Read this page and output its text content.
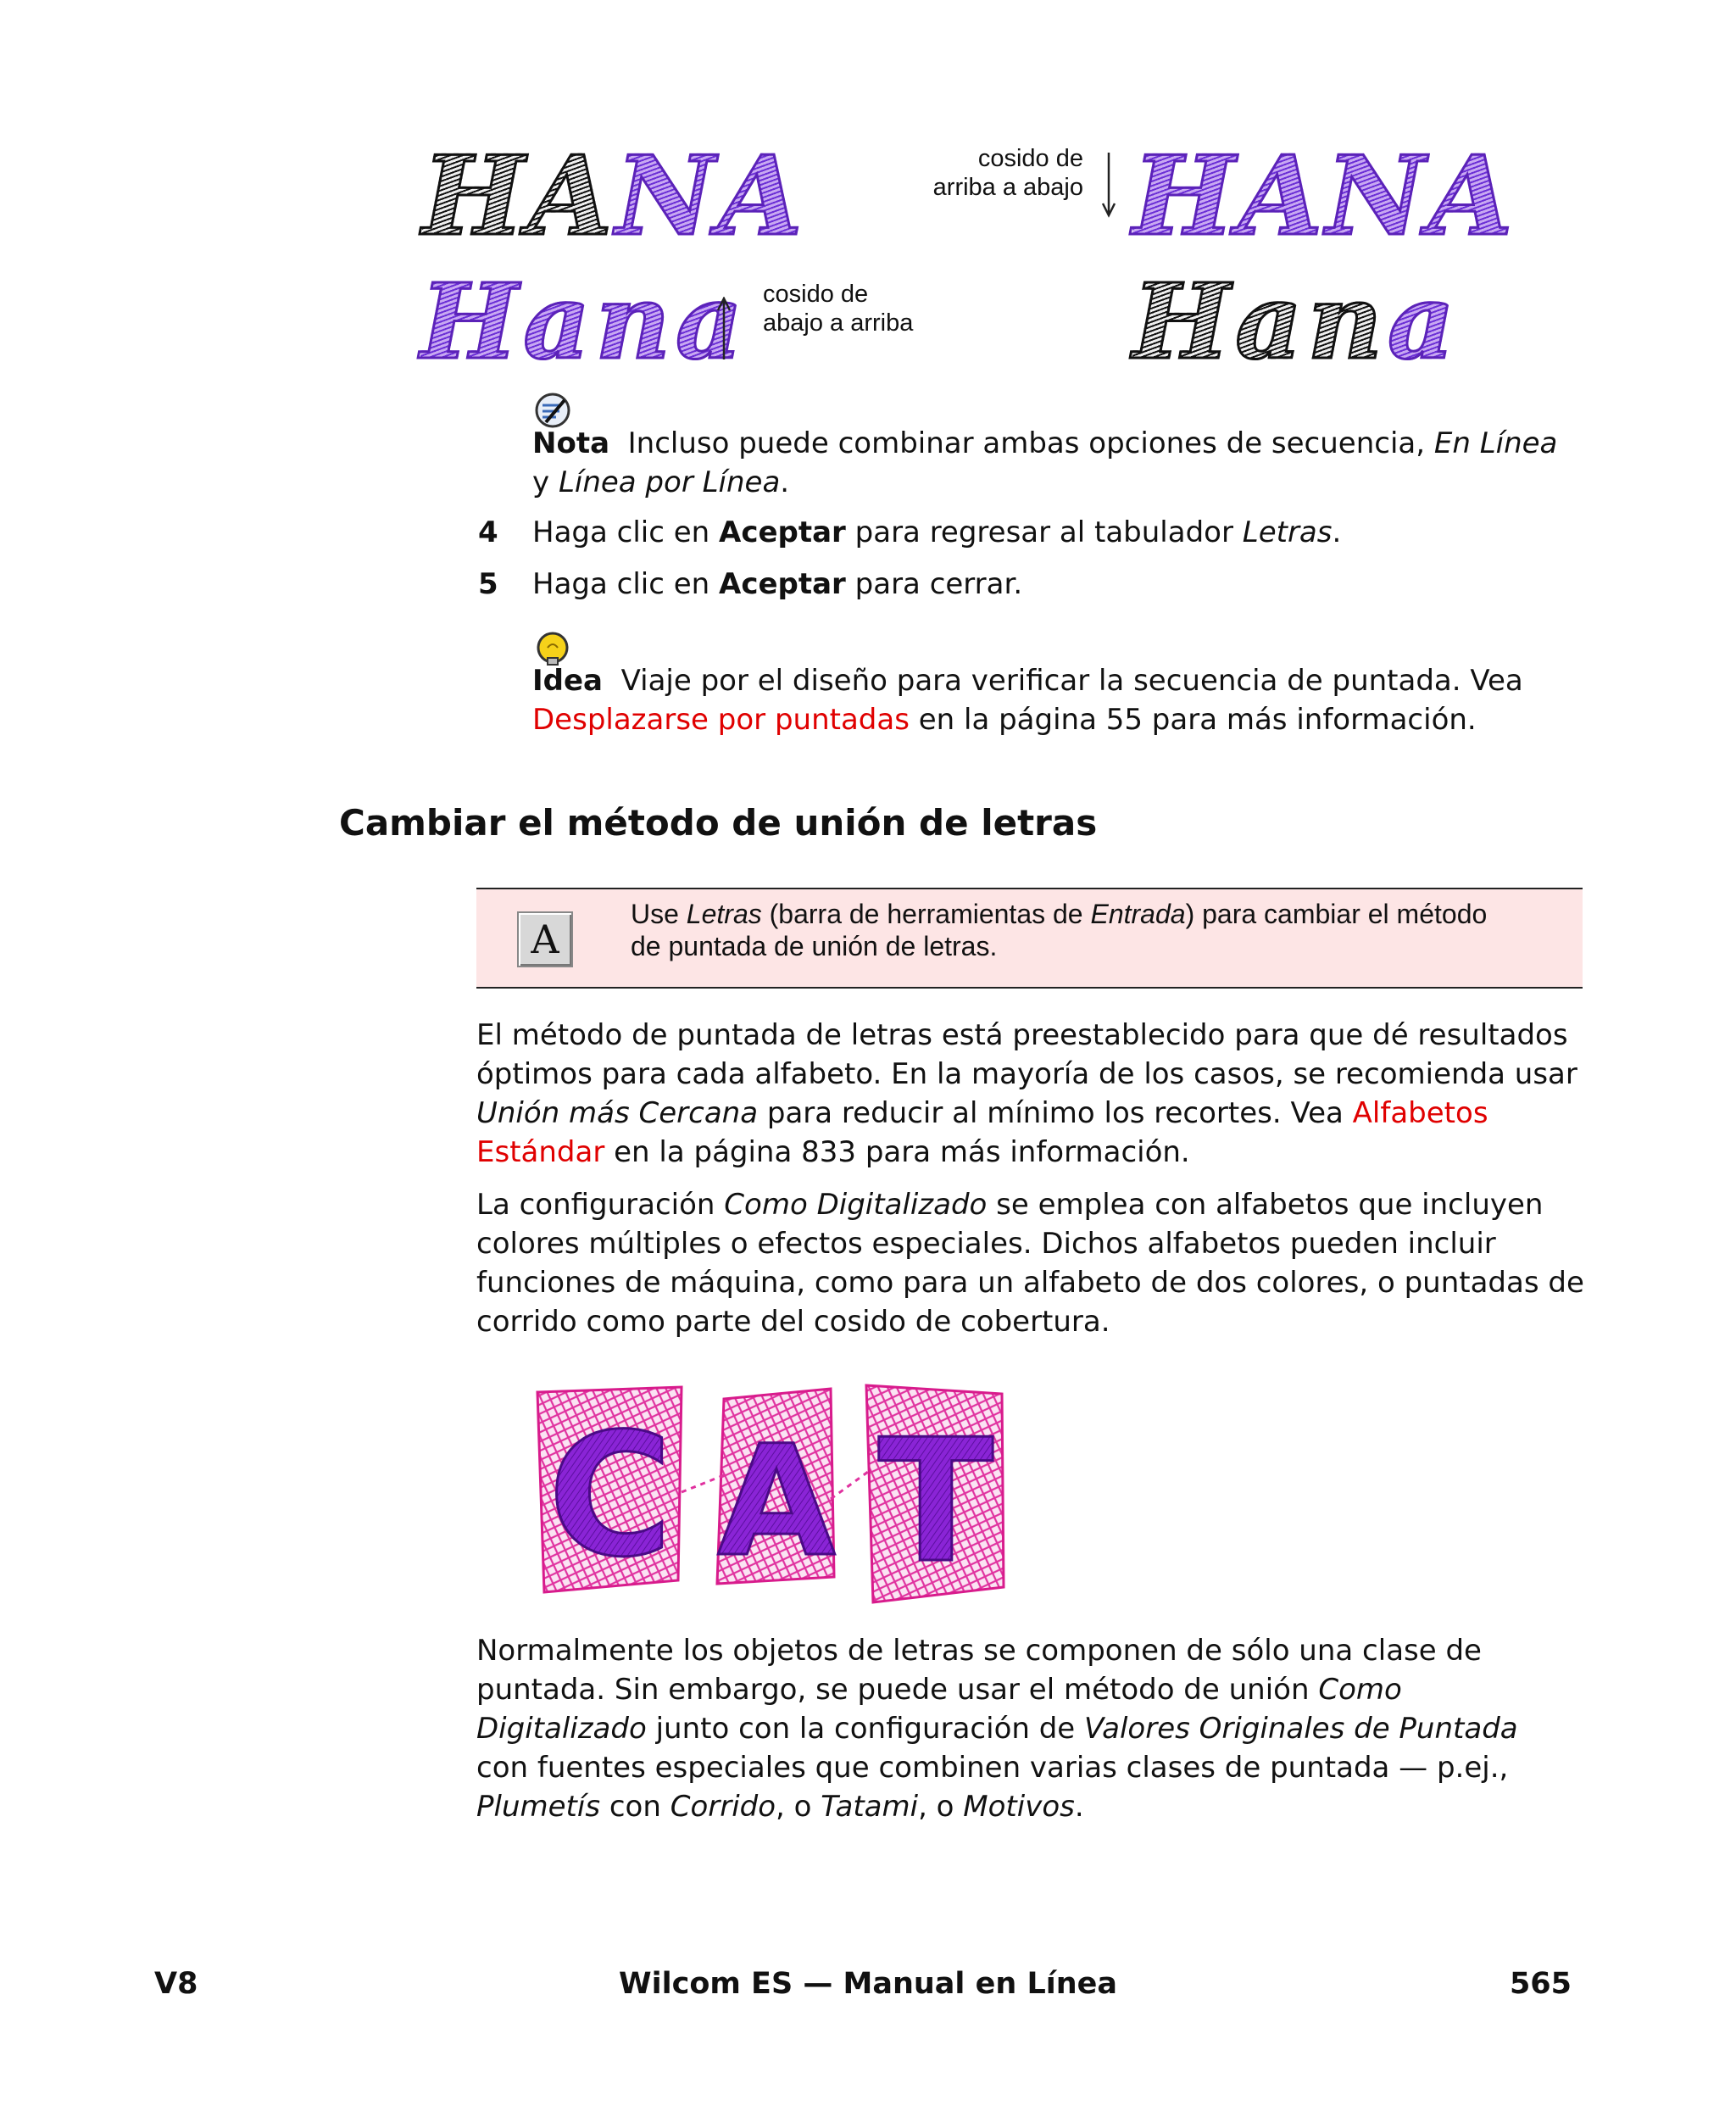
HANA	cosido de
arriba a abajo HANA
Hana cosido de
abajo a arriba Hana
Nota Incluso puede combinar ambas opciones de secuencia, En Línea
y Línea por Línea.
4 Haga clic en Aceptar para regresar al tabulador Letras.
5 Haga clic en Aceptar para cerrar.
Idea Viaje por el diseño para verificar la secuencia de puntada. Vea
Desplazarse por puntadas en la página 55 para más información.
Cambiar el método de unión de letras
A
Use Letras (barra de herramientas de Entrada) para cambiar el método
de puntada de unión de letras.
El método de puntada de letras está preestablecido para que dé resultados
óptimos para cada alfabeto. En la mayoría de los casos, se recomienda usar
Unión más Cercana para reducir al mínimo los recortes. Vea Alfabetos
Estándar en la página 833 para más información.
La configuración Como Digitalizado se emplea con alfabetos que incluyen
colores múltiples o efectos especiales. Dichos alfabetos pueden incluir
funciones de máquina, como para un alfabeto de dos colores, o puntadas de
corrido como parte del cosido de cobertura.
C A T
Normalmente los objetos de letras se componen de sólo una clase de
puntada. Sin embargo, se puede usar el método de unión Como
Digitalizado junto con la configuración de Valores Originales de Puntada
con fuentes especiales que combinen varias clases de puntada — p.ej.,
Plumetís con Corrido, o Tatami, o Motivos.
V8	Wilcom ES — Manual en Línea	565
